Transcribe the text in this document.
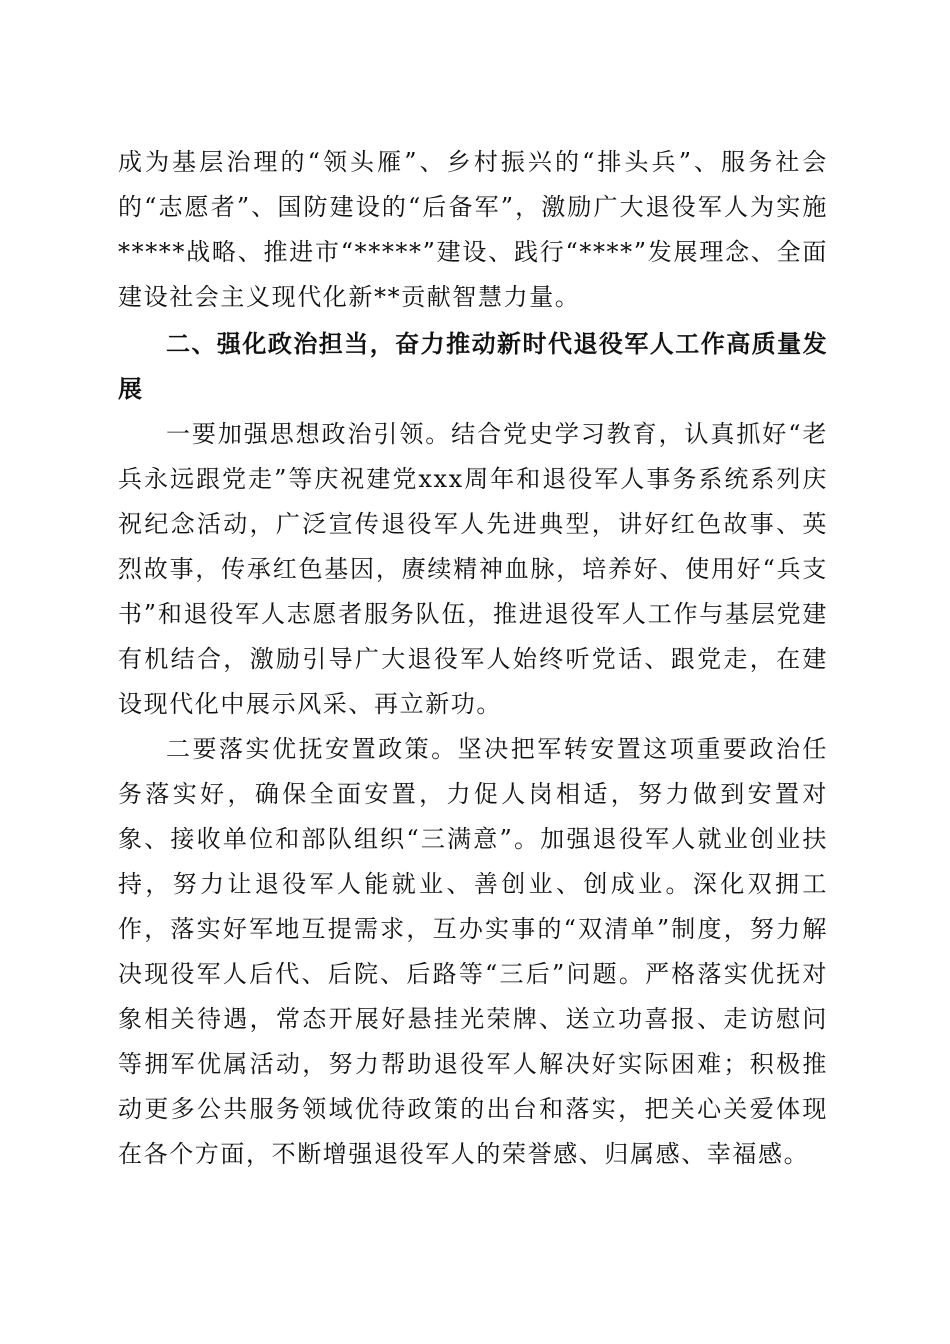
成为基层治理的“领头雁”、乡村振兴的“排头兵”、服务社会的“志愿者”、国防建设的“后备军”，激励广大退役军人为实施*****战略、推进市“*****”建设、践行“****”发展理念、全面建设社会主义现代化新**贡献智慧力量。

二、强化政治担当，奋力推动新时代退役军人工作高质量发展

一要加强思想政治引领。结合党史学习教育，认真抓好“老兵永远跟党走”等庆祝建党xxx周年和退役军人事务系统系列庆祝纪念活动，广泛宣传退役军人先进典型，讲好红色故事、英烈故事，传承红色基因，赓续精神血脉，培养好、使用好“兵支书”和退役军人志愿者服务队伍，推进退役军人工作与基层党建有机结合，激励引导广大退役军人始终听党话、跟党走，在建设现代化中展示风采、再立新功。

二要落实优抚安置政策。坚决把军转安置这项重要政治任务落实好，确保全面安置，力促人岗相适，努力做到安置对象、接收单位和部队组织“三满意”。加强退役军人就业创业扶持，努力让退役军人能就业、善创业、创成业。深化双拥工作，落实好军地互提需求，互办实事的“双清单”制度，努力解决现役军人后代、后院、后路等“三后”问题。严格落实优抚对象相关待遇，常态开展好悬挂光荣牌、送立功喜报、走访慰问等拥军优属活动，努力帮助退役军人解决好实际困难；积极推动更多公共服务领域优待政策的出台和落实，把关心关爱体现在各个方面，不断增强退役军人的荣誉感、归属感、幸福感。
